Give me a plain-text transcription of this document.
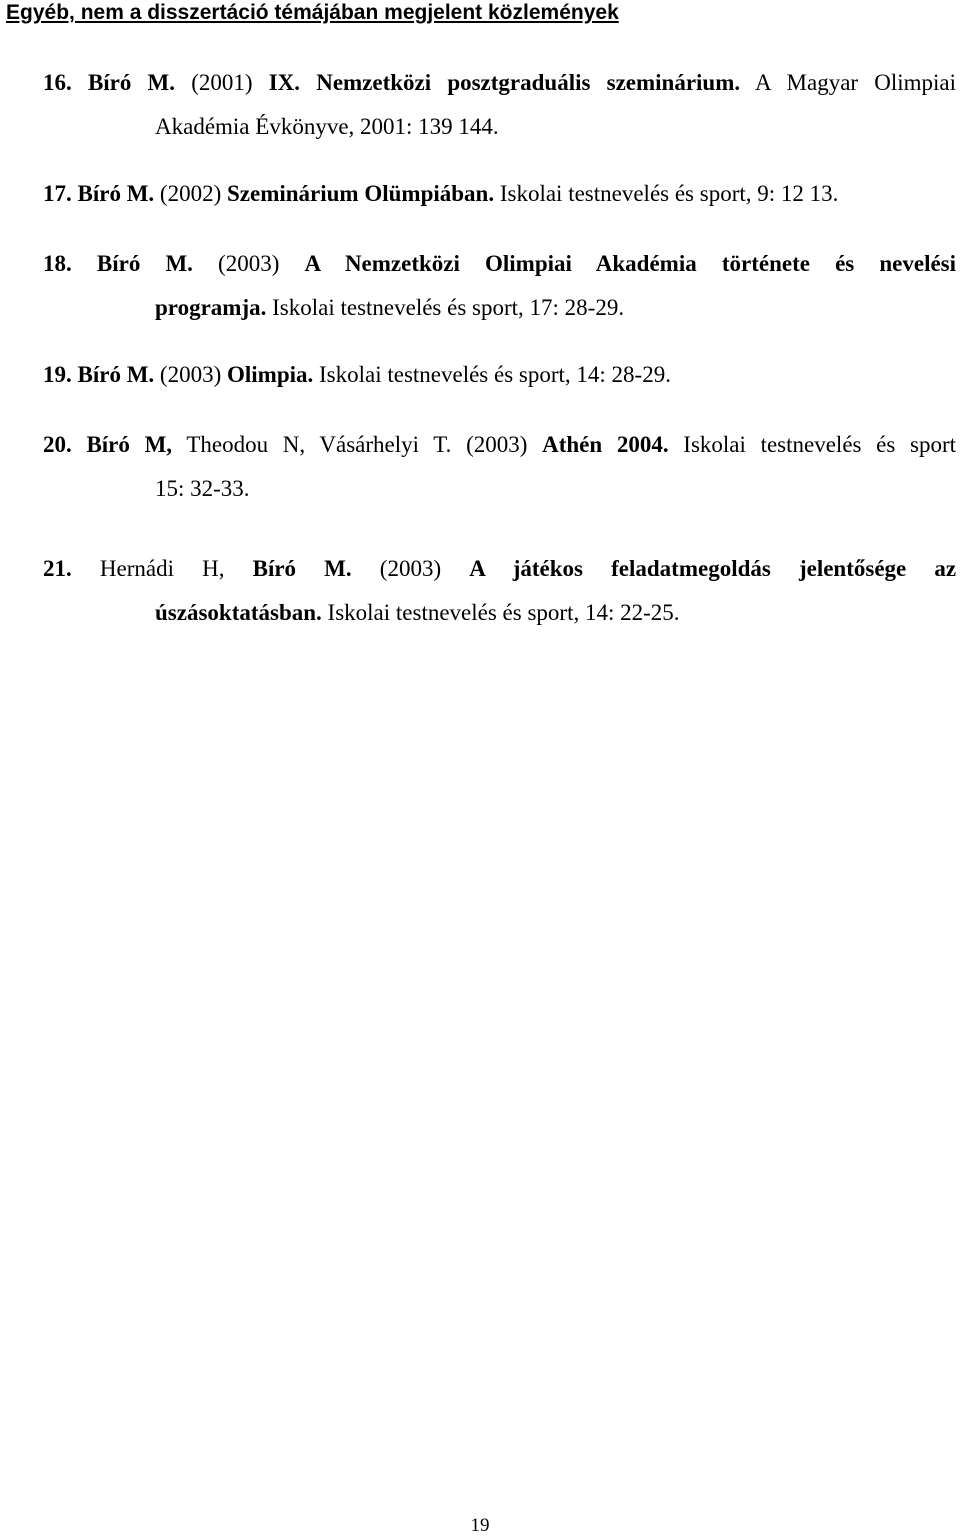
Egyéb, nem a disszertáció témájában megjelent közlemények
16. Bíró M. (2001) IX. Nemzetközi posztgraduális szeminárium. A Magyar Olimpiai
Akadémia Évkönyve, 2001: 139 144.
17. Bíró M. (2002) Szeminárium Olümpiában. Iskolai testnevelés és sport, 9: 12 13.
18. Bíró M. (2003) A Nemzetközi Olimpiai Akadémia története és nevelési
programja. Iskolai testnevelés és sport, 17: 28-29.
19. Bíró M. (2003) Olimpia. Iskolai testnevelés és sport, 14: 28-29.
20. Bíró M, Theodou N, Vásárhelyi T. (2003) Athén 2004. Iskolai testnevelés és sport
15: 32-33.
21. Hernádi H, Bíró M. (2003) A játékos feladatmegoldás jelentősége az
úszásoktatásban. Iskolai testnevelés és sport, 14: 22-25.
19
